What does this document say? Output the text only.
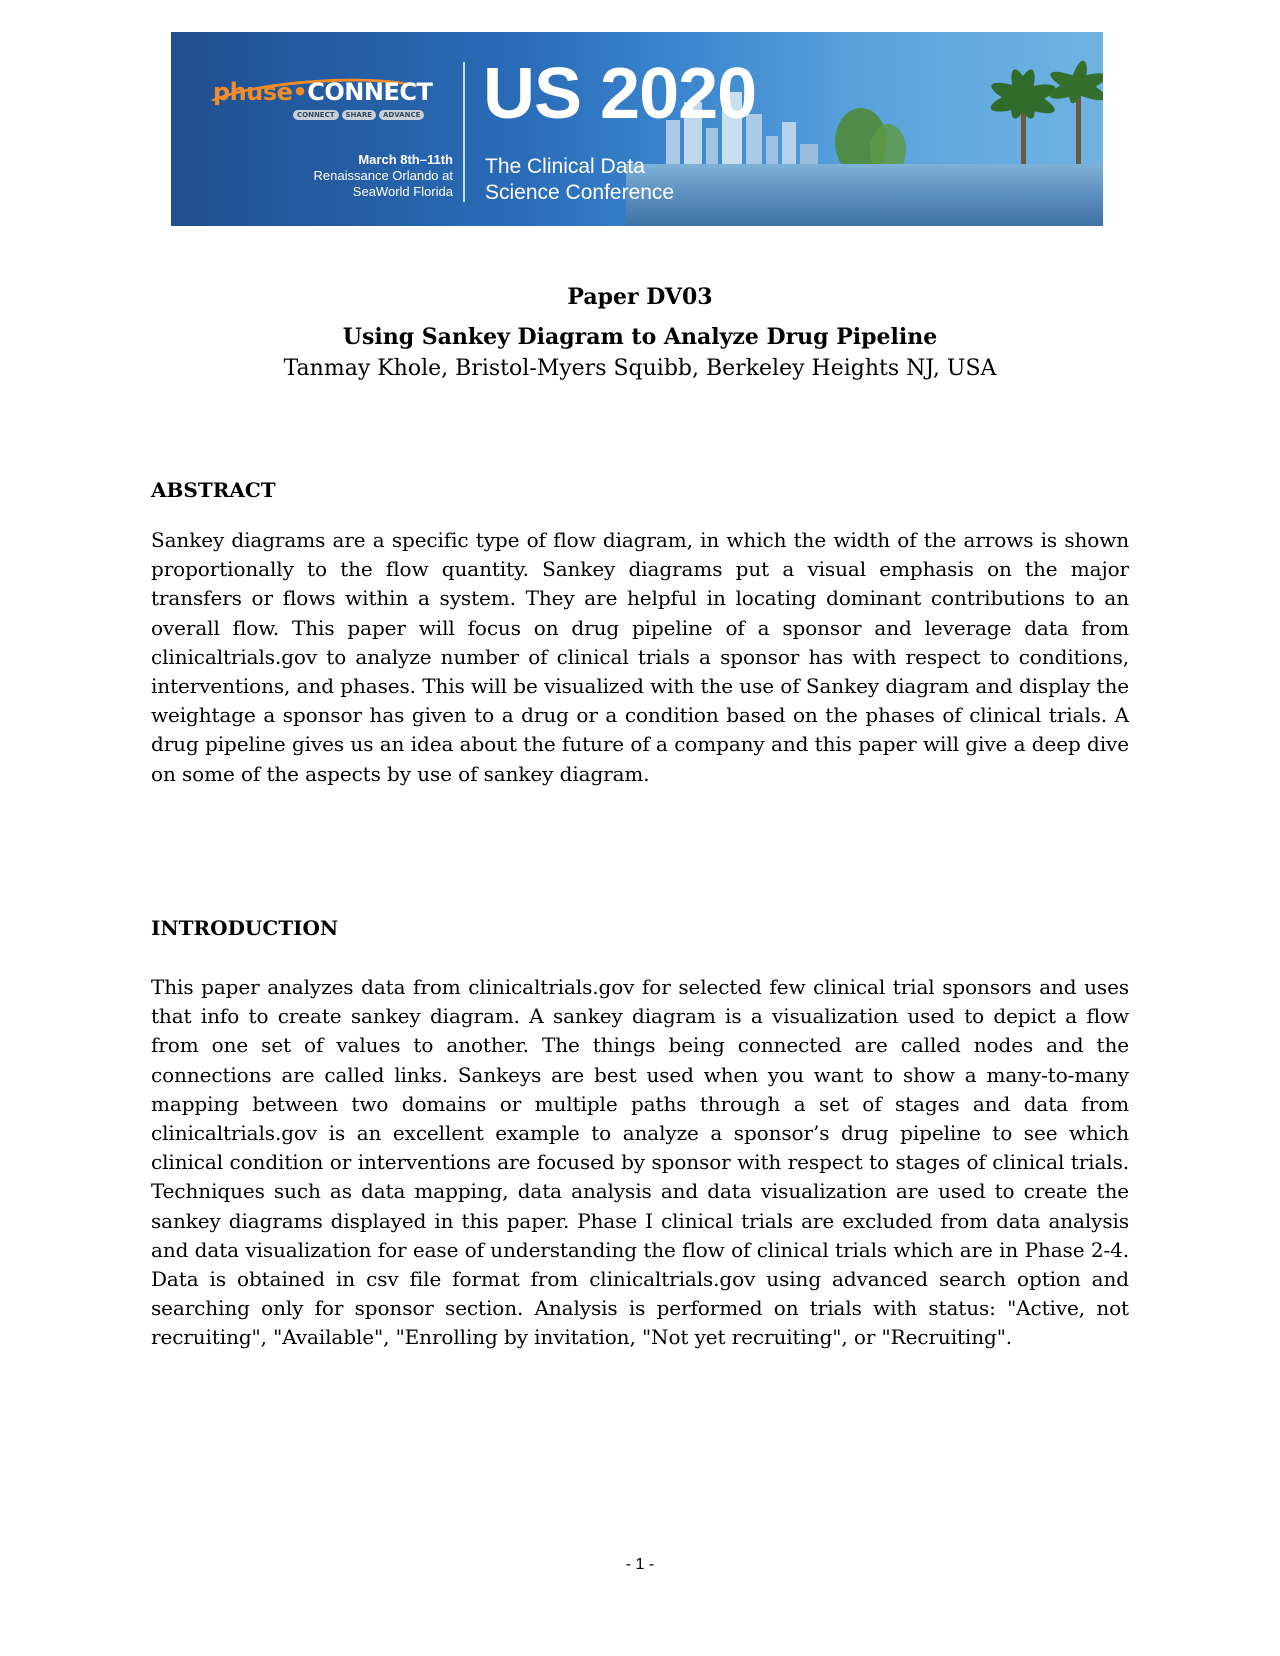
phuse•CONNECT
CONNECT	SHARE	ADVANCE
March 8th–11th
Renaissance Orlando at
SeaWorld Florida
US 2020
The Clinical Data
Science Conference
Paper DV03
Using Sankey Diagram to Analyze Drug Pipeline
Tanmay Khole, Bristol-Myers Squibb, Berkeley Heights NJ, USA
ABSTRACT

Sankey diagrams are a specific type of flow diagram, in which the width of the arrows is shown proportionally to the flow quantity. Sankey diagrams put a visual emphasis on the major transfers or flows within a system. They are helpful in locating dominant contributions to an overall flow. This paper will focus on drug pipeline of a sponsor and leverage data from clinicaltrials.gov to analyze number of clinical trials a sponsor has with respect to conditions, interventions, and phases. This will be visualized with the use of Sankey diagram and display the weightage a sponsor has given to a drug or a condition based on the phases of clinical trials. A drug pipeline gives us an idea about the future of a company and this paper will give a deep dive on some of the aspects by use of sankey diagram.

INTRODUCTION

This paper analyzes data from clinicaltrials.gov for selected few clinical trial sponsors and uses that info to create sankey diagram. A sankey diagram is a visualization used to depict a flow from one set of values to another. The things being connected are called nodes and the connections are called links. Sankeys are best used when you want to show a many-to-many mapping between two domains or multiple paths through a set of stages and data from clinicaltrials.gov is an excellent example to analyze a sponsor’s drug pipeline to see which clinical condition or interventions are focused by sponsor with respect to stages of clinical trials. Techniques such as data mapping, data analysis and data visualization are used to create the sankey diagrams displayed in this paper. Phase I clinical trials are excluded from data analysis and data visualization for ease of understanding the flow of clinical trials which are in Phase 2-4. Data is obtained in csv file format from clinicaltrials.gov using advanced search option and searching only for sponsor section. Analysis is performed on trials with status: "Active, not recruiting", "Available", "Enrolling by invitation, "Not yet recruiting", or "Recruiting".

- 1 -
